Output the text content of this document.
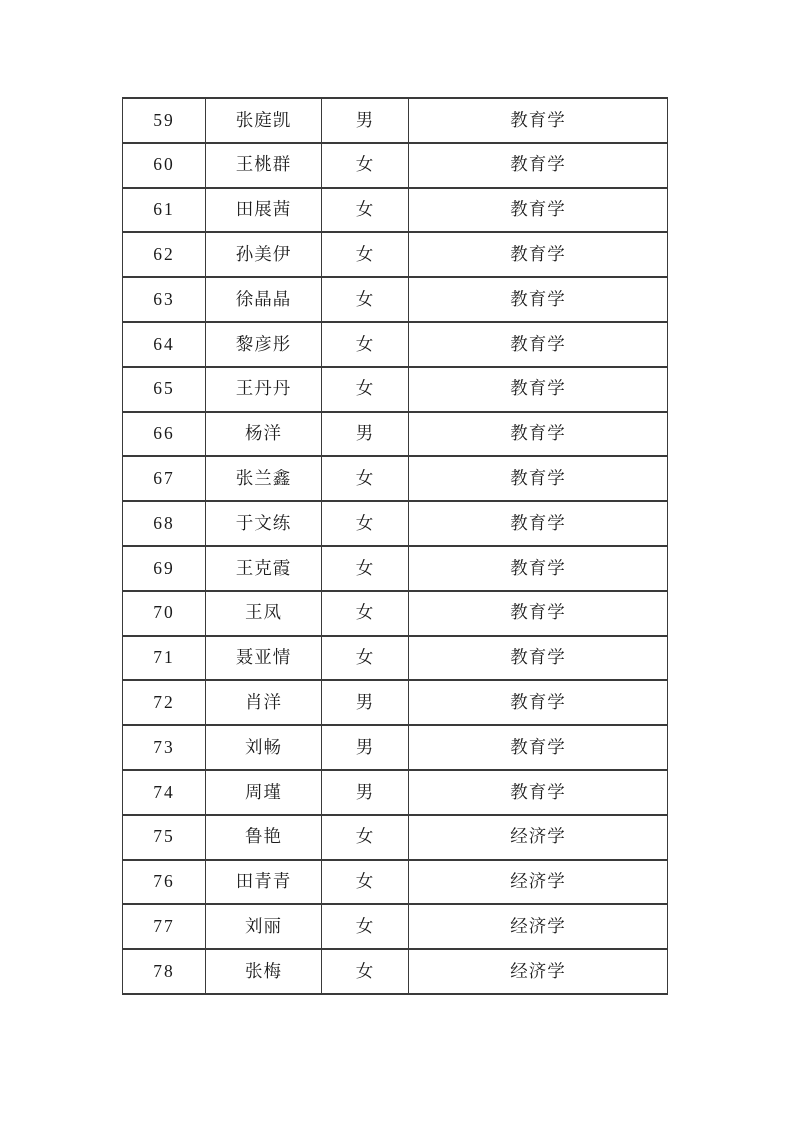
59	张庭凯	男	教育学
60	王桃群	女	教育学
61	田展茜	女	教育学
62	孙美伊	女	教育学
63	徐晶晶	女	教育学
64	黎彦彤	女	教育学
65	王丹丹	女	教育学
66	杨洋	男	教育学
67	张兰鑫	女	教育学
68	于文练	女	教育学
69	王克霞	女	教育学
70	王凤	女	教育学
71	聂亚情	女	教育学
72	肖洋	男	教育学
73	刘畅	男	教育学
74	周瑾	男	教育学
75	鲁艳	女	经济学
76	田青青	女	经济学
77	刘丽	女	经济学
78	张梅	女	经济学
